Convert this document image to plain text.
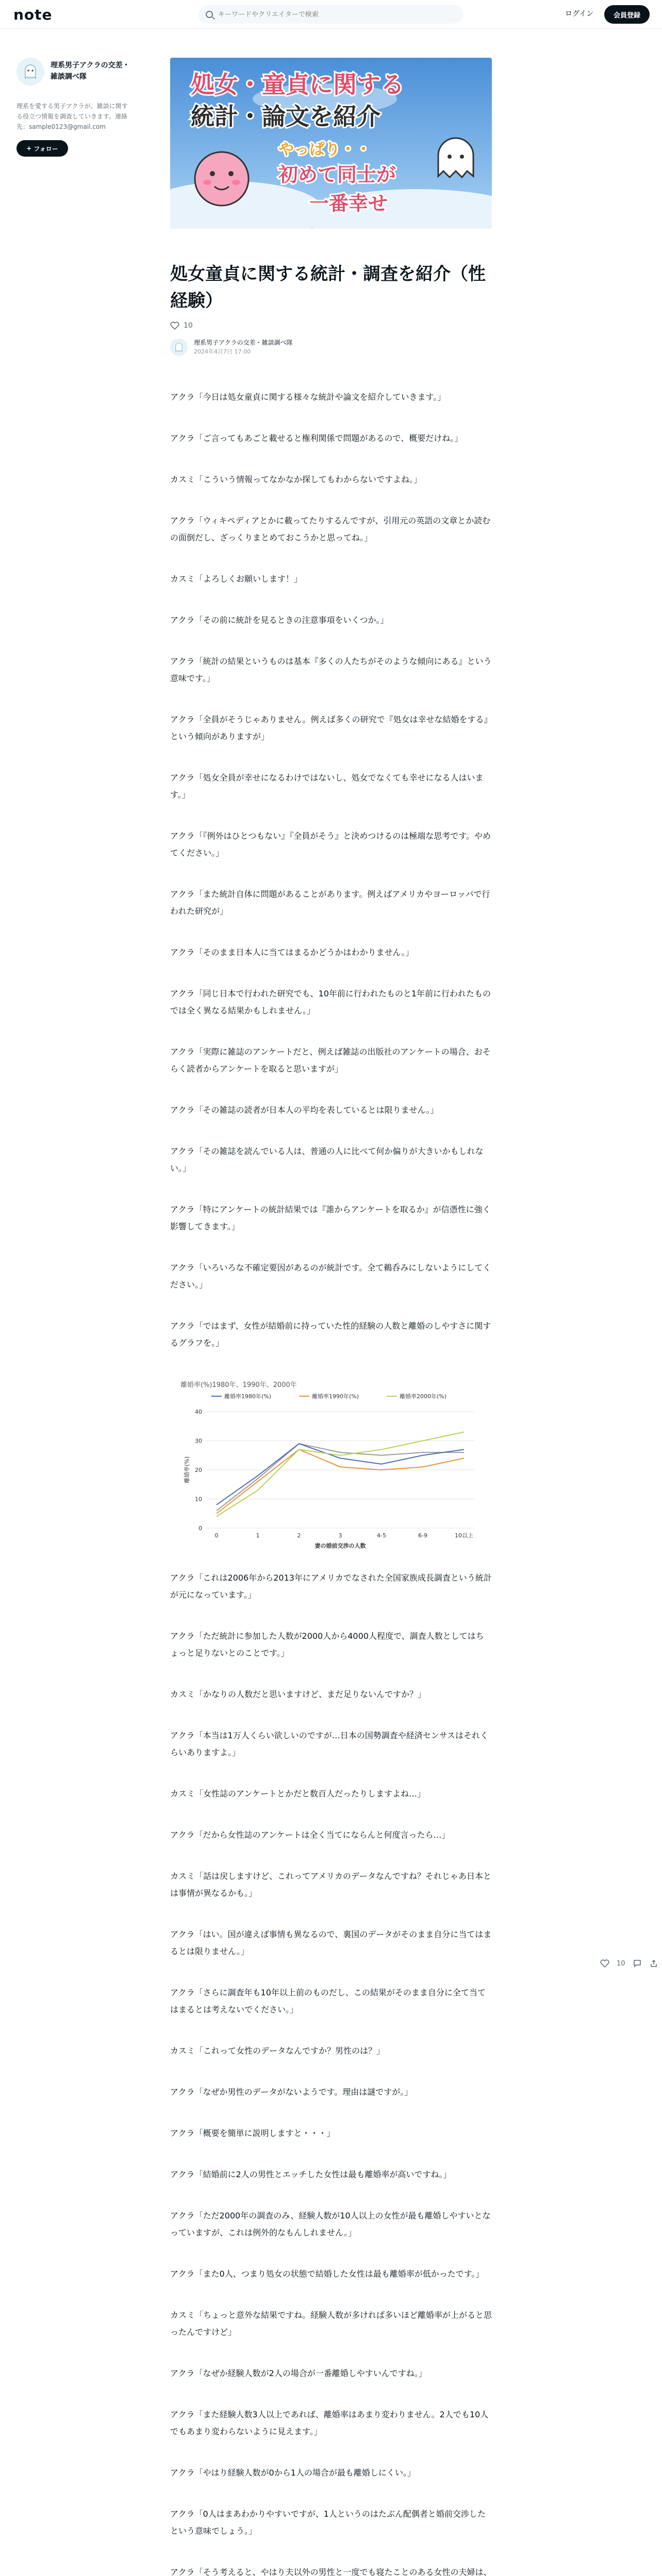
note
キーワードやクリエイターで検索	ログイン	会員登録
理系男子アクラの交差・雑談調べ隊
理系を愛する男子アクラが、雑談に関する役立つ情報を調査していきます。連絡先：sample0123@gmail.com
+ フォロー
処女・童貞に関する
統計・論文を紹介
やっぱり・・
初めて同士が
一番幸せ
処女童貞に関する統計・調査を紹介（性経験）
10
理系男子アクラの交差・雑談調べ隊
2024年4月7日 17:00
アクラ「今日は処女童貞に関する様々な統計や論文を紹介していきます。」
アクラ「ご言ってもあごと載せると権利関係で問題があるので、概要だけね。」
カスミ「こういう情報ってなかなか探してもわからないですよね。」
アクラ「ウィキペディアとかに載ってたりするんですが、引用元の英語の文章とか読むの面倒だし、ざっくりまとめておこうかと思ってね。」
カスミ「よろしくお願いします！」
アクラ「その前に統計を見るときの注意事項をいくつか。」
アクラ「統計の結果というものは基本『多くの人たちがそのような傾向にある』という意味です。」
アクラ「全員がそうじゃありません。例えば多くの研究で『処女は幸せな結婚をする』という傾向がありますが」
アクラ「処女全員が幸せになるわけではないし、処女でなくても幸せになる人はいます。」
アクラ「『例外はひとつもない』『全員がそう』と決めつけるのは極端な思考です。やめてください。」
アクラ「また統計自体に問題があることがあります。例えばアメリカやヨーロッパで行われた研究が」
アクラ「そのまま日本人に当てはまるかどうかはわかりません。」
アクラ「同じ日本で行われた研究でも、10年前に行われたものと1年前に行われたものでは全く異なる結果かもしれません。」
アクラ「実際に雑誌のアンケートだと、例えば雑誌の出版社のアンケートの場合、おそらく読者からアンケートを取ると思いますが」
アクラ「その雑誌の読者が日本人の平均を表しているとは限りません。」
アクラ「その雑誌を読んでいる人は、普通の人に比べて何か偏りが大きいかもしれない。」
アクラ「特にアンケートの統計結果では『誰からアンケートを取るか』が信憑性に強く影響してきます。」
アクラ「いろいろな不確定要因があるのが統計です。全て鵜呑みにしないようにしてください。」
アクラ「ではまず、女性が結婚前に持っていた性的経験の人数と離婚のしやすさに関するグラフを。」
離婚率(%)1980年、1990年、2000年
離婚率1980年(%)	離婚率1990年(%)	離婚率2000年(%)
0
10
20
30
40
0	1	2	3	4-5	6-9	10以上
妻の婚前交渉の人数
離婚率(%)
アクラ「これは2006年から2013年にアメリカでなされた全国家族成長調査という統計が元になっています。」
アクラ「ただ統計に参加した人数が2000人から4000人程度で、調査人数としてはちょっと足りないとのことです。」
カスミ「かなりの人数だと思いますけど、まだ足りないんですか？」
アクラ「本当は1万人くらい欲しいのですが…日本の国勢調査や経済センサスはそれくらいありますよ。」
カスミ「女性誌のアンケートとかだと数百人だったりしますよね…」
アクラ「だから女性誌のアンケートは全く当てにならんと何度言ったら…」
カスミ「話は戻しますけど、これってアメリカのデータなんですね？それじゃあ日本とは事情が異なるかも。」
アクラ「はい。国が違えば事情も異なるので、裏国のデータがそのまま自分に当てはまるとは限りません。」
アクラ「さらに調査年も10年以上前のものだし、この結果がそのまま自分に全て当てはまるとは考えないでください。」
カスミ「これって女性のデータなんですか？男性のは？」
アクラ「なぜか男性のデータがないようです。理由は謎ですが。」
アクラ「概要を簡単に説明しますと・・・」
アクラ「結婚前に2人の男性とエッチした女性は最も離婚率が高いですね。」
アクラ「ただ2000年の調査のみ、経験人数が10人以上の女性が最も離婚しやすいとなっていますが、これは例外的なもんしれません。」
アクラ「また0人、つまり処女の状態で結婚した女性は最も離婚率が低かったです。」
カスミ「ちょっと意外な結果ですね。経験人数が多ければ多いほど離婚率が上がると思ったんですけど」
アクラ「なぜか経験人数が2人の場合が一番離婚しやすいんですね。」
アクラ「また経験人数3人以上であれば、離婚率はあまり変わりません。2人でも10人でもあまり変わらないように見えます。」
アクラ「やはり経験人数が0から1人の場合が最も離婚しにくい。」
アクラ「0人はまあわかりやすいですが、1人というのはたぶん配偶者と婚前交渉したという意味でしょう。」
アクラ「そう考えると、やはり夫以外の男性と一度でも寝たことのある女性の夫婦は、
10
